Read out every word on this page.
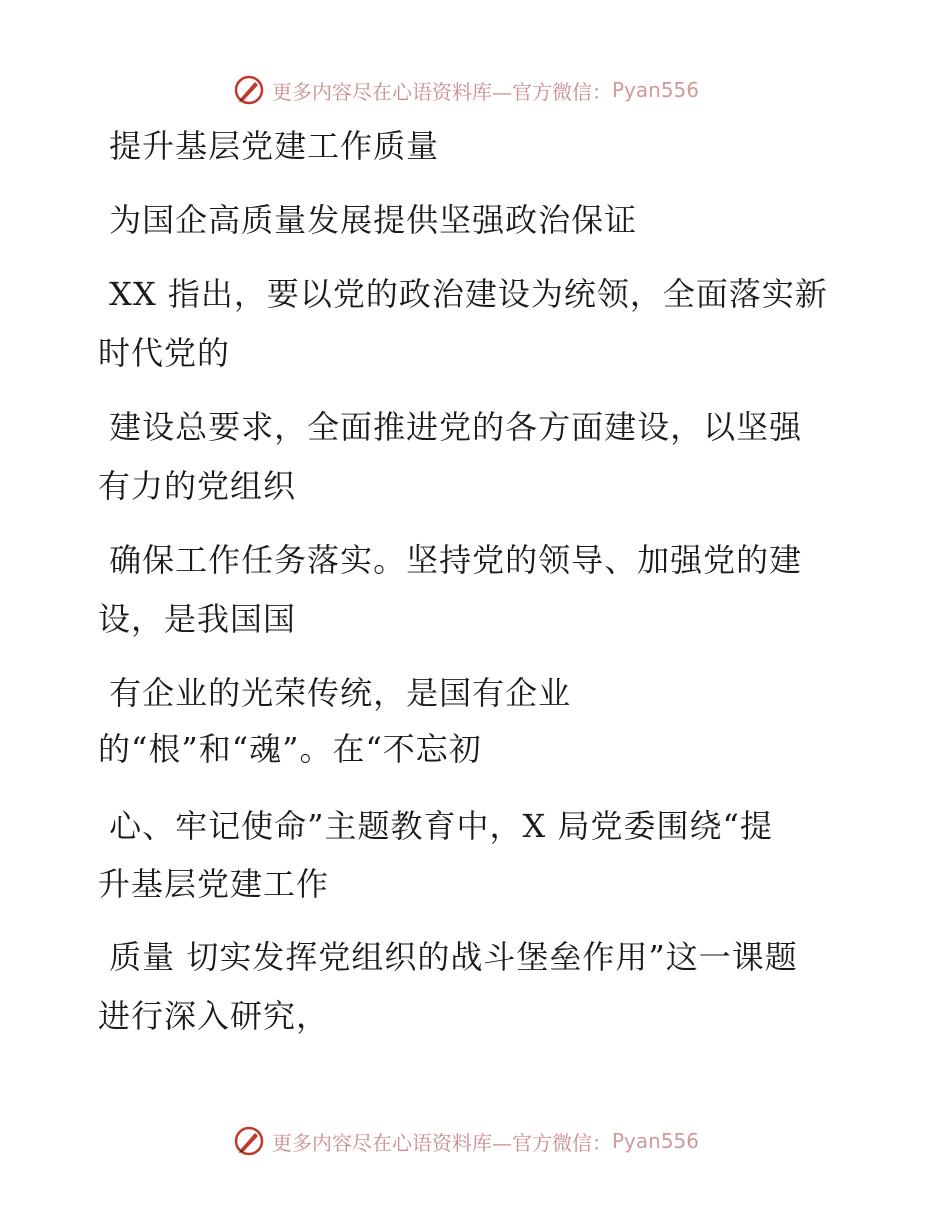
更多内容尽在心语资料库—官方微信： Pyan556
提升基层党建工作质量
为国企高质量发展提供坚强政治保证
XX 指出，要以党的政治建设为统领，全面落实新
时代党的
建设总要求，全面推进党的各方面建设，以坚强
有力的党组织
确保工作任务落实。坚持党的领导、加强党的建
设，是我国国
有企业的光荣传统，是国有企业
的“根”和“魂”。在“不忘初
心、牢记使命”主题教育中，X 局党委围绕“提
升基层党建工作
质量 切实发挥党组织的战斗堡垒作用”这一课题
进行深入研究，
更多内容尽在心语资料库—官方微信： Pyan556
